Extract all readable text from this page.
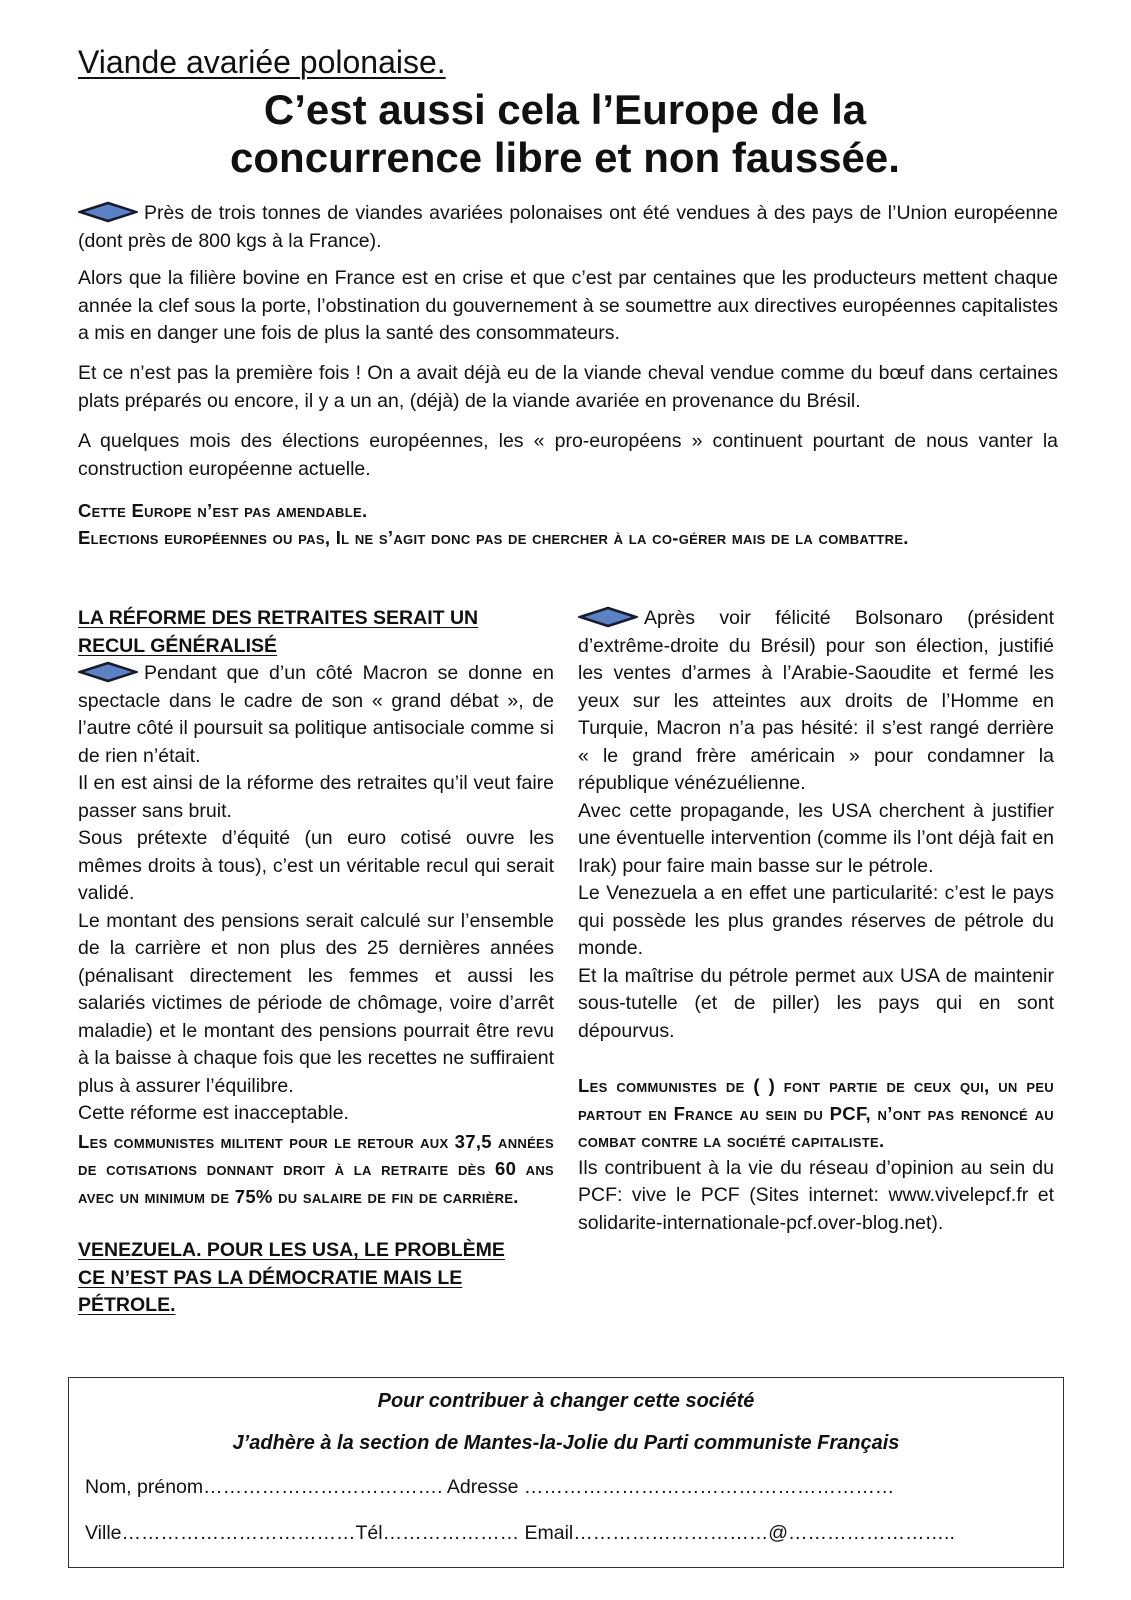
Viande avariée polonaise.
C’est aussi cela l’Europe de la
concurrence libre et non faussée.
Près de trois tonnes de viandes avariées polonaises ont été vendues à des pays de l’Union européenne (dont près de 800 kgs à la France).
Alors que la filière bovine en France est en crise et que c’est par centaines que les producteurs mettent chaque année la clef sous la porte, l’obstination du gouvernement à se soumettre aux directives européennes capitalistes a mis en danger une fois de plus la santé des consommateurs.
Et ce n’est pas la première fois ! On a avait déjà eu de la viande cheval vendue comme du bœuf dans certaines plats préparés ou encore, il y a un an, (déjà) de la viande avariée en provenance du Brésil.
A quelques mois des élections européennes, les « pro-européens » continuent pourtant de nous vanter la construction européenne actuelle.
Cette Europe n’est pas amendable.
Elections européennes ou pas, Il ne s’agit donc pas de chercher à la co-gérer mais de la combattre.
LA RÉFORME DES RETRAITES SERAIT UN RECUL GÉNÉRALISÉ
Pendant que d’un côté Macron se donne en spectacle dans le cadre de son « grand débat », de l’autre côté il poursuit sa politique antisociale comme si de rien n’était.
Il en est ainsi de la réforme des retraites qu’il veut faire passer sans bruit.
Sous prétexte d’équité (un euro cotisé ouvre les mêmes droits à tous), c’est un véritable recul qui serait validé.
Le montant des pensions serait calculé sur l’ensemble de la carrière et non plus des 25 dernières années (pénalisant directement les femmes et aussi les salariés victimes de période de chômage, voire d’arrêt maladie) et le montant des pensions pourrait être revu à la baisse à chaque fois que les recettes ne suffiraient plus à assurer l’équilibre.
Cette réforme est inacceptable.
Les communistes militent pour le retour aux 37,5 années de cotisations donnant droit à la retraite dès 60 ans avec un minimum de 75% du salaire de fin de carrière.
VENEZUELA. POUR LES USA, LE PROBLÈME CE N’EST PAS LA DÉMOCRATIE MAIS LE PÉTROLE.
Après voir félicité Bolsonaro (président d’extrême-droite du Brésil) pour son élection, justifié les ventes d’armes à l’Arabie-Saoudite et fermé les yeux sur les atteintes aux droits de l’Homme en Turquie, Macron n’a pas hésité: il s’est rangé derrière « le grand frère américain » pour condamner la république vénézuélienne.
Avec cette propagande, les USA cherchent à justifier une éventuelle intervention (comme ils l’ont déjà fait en Irak) pour faire main basse sur le pétrole.
Le Venezuela a en effet une particularité: c’est le pays qui possède les plus grandes réserves de pétrole du monde.
Et la maîtrise du pétrole permet aux USA de maintenir sous-tutelle (et de piller) les pays qui en sont dépourvus.
Les communistes de ( ) font partie de ceux qui, un peu partout en France au sein du PCF, n’ont pas renoncé au combat contre la société capitaliste.
Ils contribuent à la vie du réseau d’opinion au sein du PCF: vive le PCF (Sites internet: www.vivelepcf.fr et solidarite-internationale-pcf.over-blog.net).
Pour contribuer à changer cette société
J’adhère à la section de Mantes-la-Jolie du Parti communiste Français
Nom, prénom………………………………. Adresse …………………………………………………
Ville………………………………Tél………………… Email…………………………@……………………..
